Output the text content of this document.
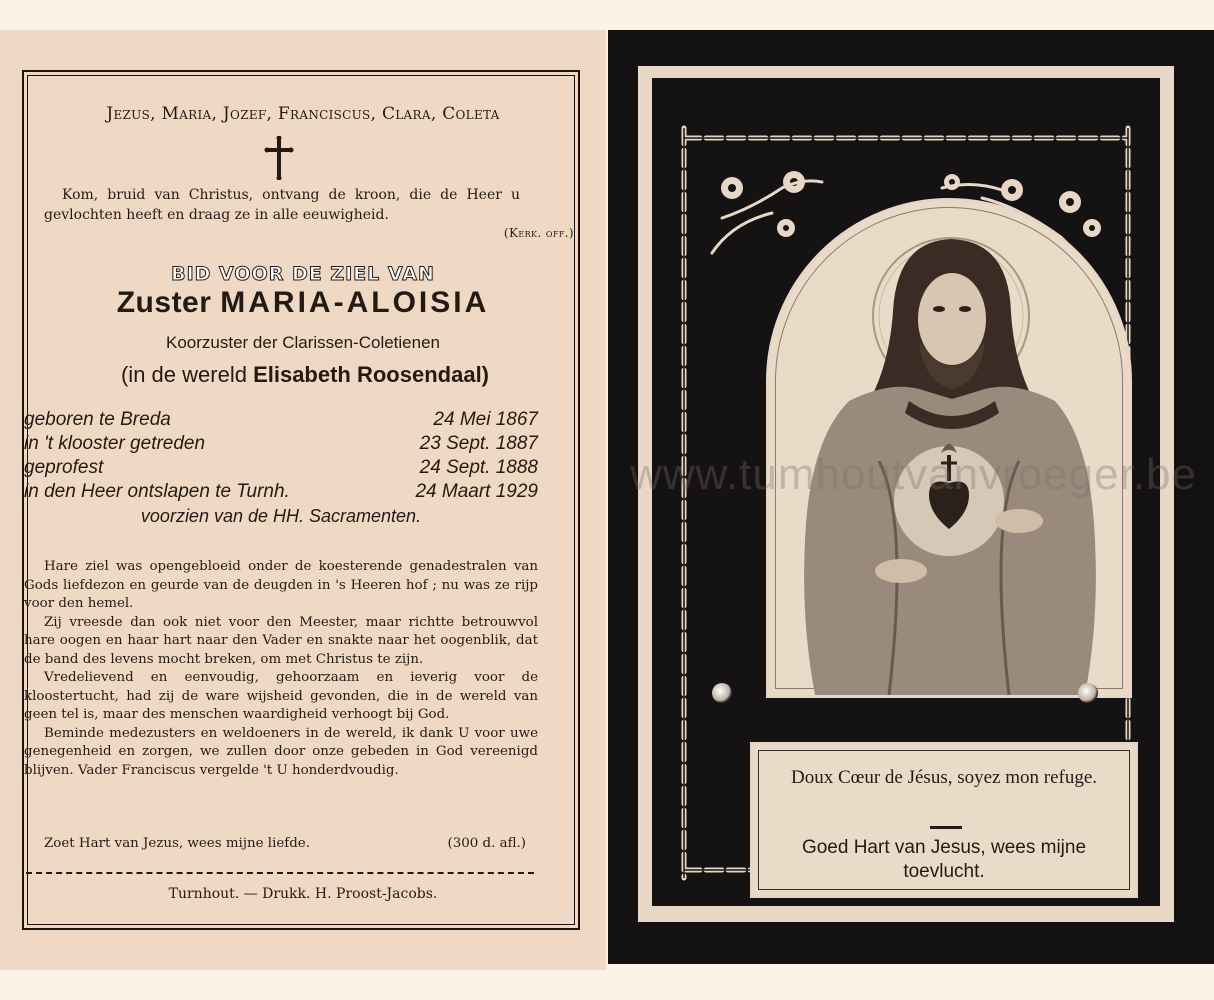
Jezus, Maria, Jozef, Franciscus, Clara, Coleta
Kom, bruid van Christus, ontvang de kroon, die de Heer u gevlochten heeft en draag ze in alle eeuwigheid.
(Kerk. off.)
BID VOOR DE ZIEL VAN
Zuster MARIA-ALOISIA
Koorzuster der Clarissen-Coletienen
(in de wereld Elisabeth Roosendaal)
geboren te Breda	24 Mei 1867
in 't klooster getreden	23 Sept. 1887
geprofest	24 Sept. 1888
in den Heer ontslapen te Turnh.	24 Maart 1929
voorzien van de HH. Sacramenten.

Hare ziel was opengebloeid onder de koesterende genadestralen van Gods liefdezon en geurde van de deugden in 's Heeren hof ; nu was ze rijp voor den hemel.

Zij vreesde dan ook niet voor den Meester, maar richtte betrouwvol hare oogen en haar hart naar den Vader en snakte naar het oogenblik, dat de band des levens mocht breken, om met Christus te zijn.

Vredelievend en eenvoudig, gehoorzaam en ieverig voor de kloostertucht, had zij de ware wijsheid gevonden, die in de wereld van geen tel is, maar des menschen waardigheid verhoogt bij God.

Beminde medezusters en weldoeners in de wereld, ik dank U voor uwe genegenheid en zorgen, we zullen door onze gebeden in God vereenigd blijven. Vader Franciscus vergelde 't U honderdvoudig.

Zoet Hart van Jezus, wees mijne liefde.	(300 d. afl.)
Turnhout. — Drukk. H. Proost-Jacobs.
Doux Cœur de Jésus, soyez mon refuge.
Goed Hart van Jesus, wees mijne toevlucht.
www.tumhoutvanvroeger.be
